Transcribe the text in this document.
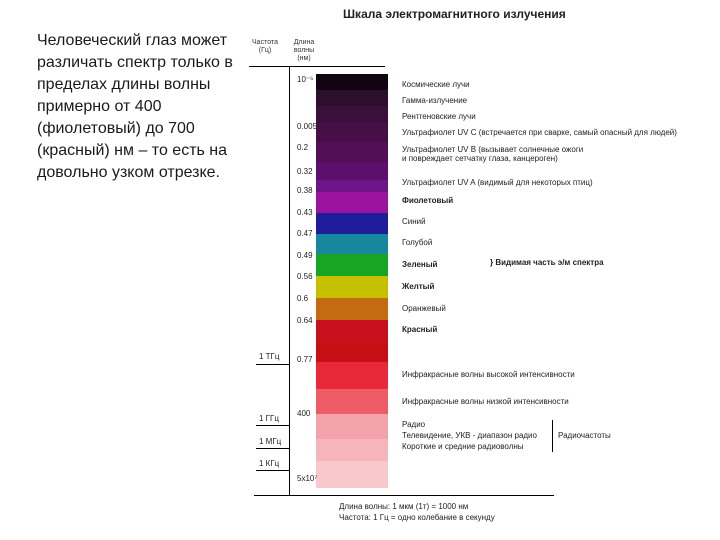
Человеческий глаз может различать спектр только в пределах длины волны примерно от 400 (фиолетовый) до 700 (красный) нм – то есть на довольно узком отрезке.
Шкала электромагнитного излучения
Частота
(Гц)
Длина
волны
(нм)
1 ТГц
1 ГГц
1 МГц
1 КГц
10⁻⁵
0.005
0.2
0.32
0.38
0.43
0.47
0.49
0.56
0.6
0.64
0.77
400
5x10⁷
Космические лучи
Гамма-излучение
Рентгеновские лучи
Ультрафиолет UV C (встречается при сварке, самый опасный для людей)
Ультрафиолет UV B (вызывает солнечные ожоги
и повреждает сетчатку глаза, канцероген)
Ультрафиолет UV A (видимый для некоторых птиц)
Фиолетовый
Синий
Голубой
Зеленый
Желтый
Оранжевый
Красный
Инфракрасные волны высокой интенсивности
Инфракрасные волны низкой интенсивности
Радио
Телевидение, УКВ - диапазон радио
Короткие и средние радиоволны
} Видимая часть э/м спектра
Радиочастоты
Длина волны: 1 мкм (1т) = 1000 нм
Частота: 1 Гц = одно колебание в секунду
